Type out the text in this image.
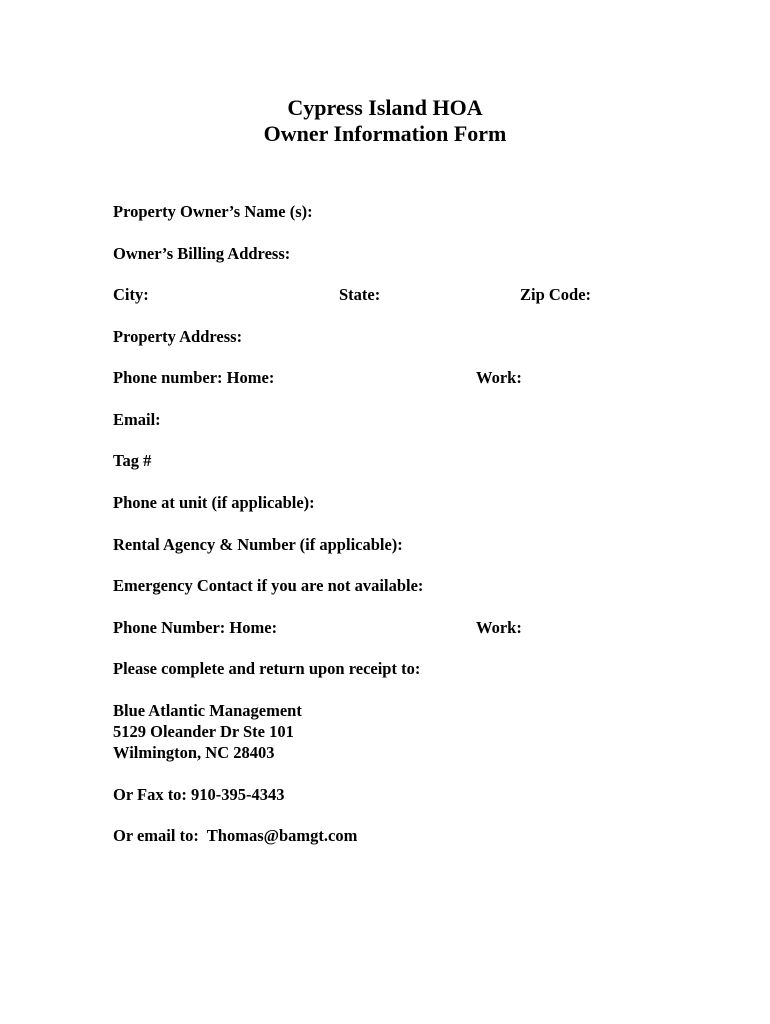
Cypress Island HOA
Owner Information Form
Property Owner’s Name (s):
Owner’s Billing Address:
City:	State:	Zip Code:
Property Address:
Phone number: Home:	Work:
Email:
Tag #
Phone at unit (if applicable):
Rental Agency & Number (if applicable):
Emergency Contact if you are not available:
Phone Number: Home:	Work:
Please complete and return upon receipt to:
Blue Atlantic Management
5129 Oleander Dr Ste 101
Wilmington, NC 28403
Or Fax to: 910-395-4343
Or email to:  Thomas@bamgt.com
